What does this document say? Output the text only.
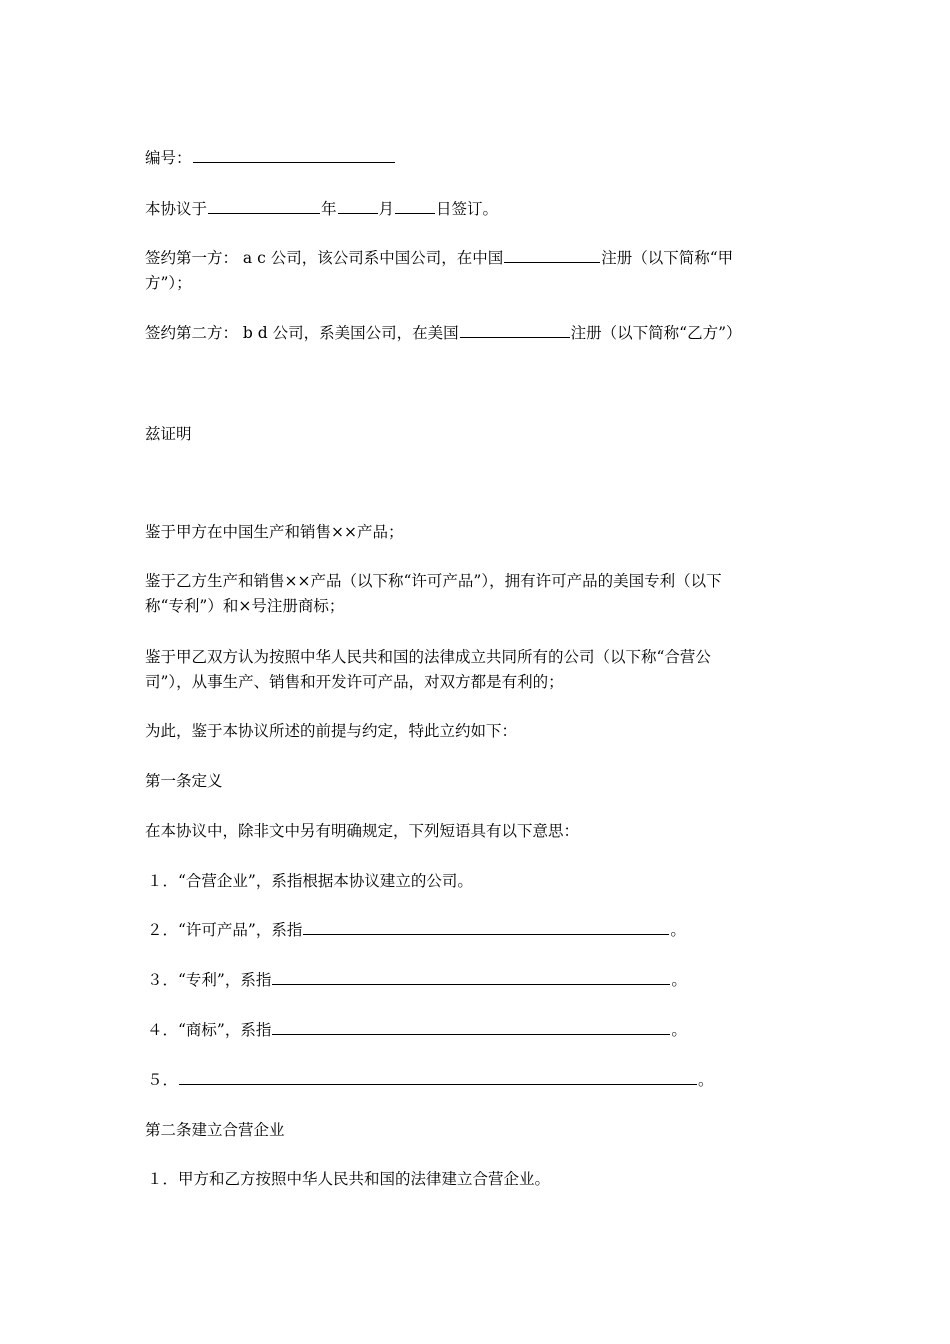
编号：
本协议于	年	月	日签订。
签约第一方： a c 公司，该公司系中国公司，在中国	注册（以下简称“甲
方”）；
签约第二方： b d 公司，系美国公司，在美国	注册（以下简称“乙方”）
兹证明
鉴于甲方在中国生产和销售××产品；
鉴于乙方生产和销售××产品（以下称“许可产品”），拥有许可产品的美国专利（以下
称“专利”）和×号注册商标；
鉴于甲乙双方认为按照中华人民共和国的法律成立共同所有的公司（以下称“合营公
司”），从事生产、销售和开发许可产品，对双方都是有利的；
为此，鉴于本协议所述的前提与约定，特此立约如下：
第一条定义
在本协议中，除非文中另有明确规定，下列短语具有以下意思：
１．“合营企业”，系指根据本协议建立的公司。
２．“许可产品”，系指	。
３．“专利”，系指	。
４．“商标”，系指	。
５．	。
第二条建立合营企业
１．甲方和乙方按照中华人民共和国的法律建立合营企业。
